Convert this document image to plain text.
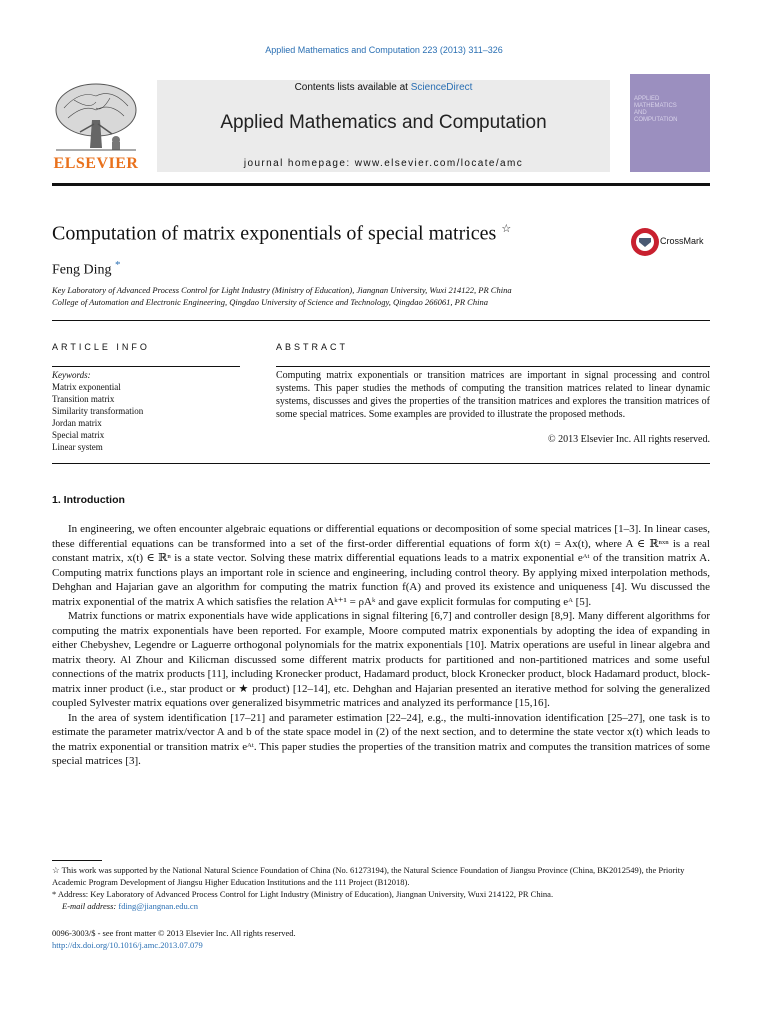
Applied Mathematics and Computation 223 (2013) 311–326
ELSEVIER
Contents lists available at ScienceDirect
Applied Mathematics and Computation
journal homepage: www.elsevier.com/locate/amc
APPLIED
MATHEMATICS
AND
COMPUTATION
Computation of matrix exponentials of special matrices ☆
CrossMark
Feng Ding *
Key Laboratory of Advanced Process Control for Light Industry (Ministry of Education), Jiangnan University, Wuxi 214122, PR China
College of Automation and Electronic Engineering, Qingdao University of Science and Technology, Qingdao 266061, PR China
ARTICLE INFO	ABSTRACT
Keywords:
Matrix exponential
Transition matrix
Similarity transformation
Jordan matrix
Special matrix
Linear system
Computing matrix exponentials or transition matrices are important in signal processing and control systems. This paper studies the methods of computing the transition matrices related to linear dynamic systems, discusses and gives the properties of the transition matrices and explores the transition matrices of some special matrices. Some examples are provided to illustrate the proposed methods.
© 2013 Elsevier Inc. All rights reserved.
1. Introduction

In engineering, we often encounter algebraic equations or differential equations or decomposition of some special matrices [1–3]. In linear cases, these differential equations can be transformed into a set of the first-order differential equations of form ẋ(t) = Ax(t), where A ∈ ℝⁿˣⁿ is a real constant matrix, x(t) ∈ ℝⁿ is a state vector. Solving these matrix differential equations leads to a matrix exponential eᴬᵗ of the transition matrix A. Computing matrix functions plays an important role in science and engineering, including control theory. By applying mixed interpolation methods, Dehghan and Hajarian gave an algorithm for computing the matrix function f(A) and proved its existence and uniqueness [4]. Wu discussed the matrix exponential of the matrix A which satisfies the relation Aᵏ⁺¹ = ρAᵏ and gave explicit formulas for computing eᴬ [5].

Matrix functions or matrix exponentials have wide applications in signal filtering [6,7] and controller design [8,9]. Many different algorithms for computing the matrix exponentials have been reported. For example, Moore computed matrix exponentials by adopting the idea of expanding in either Chebyshev, Legendre or Laguerre orthogonal polynomials for the matrix exponentials [10]. Matrix operations are useful in linear algebra and matrix theory. Al Zhour and Kilicman discussed some different matrix products for partitioned and non-partitioned matrices and some useful connections of the matrix products [11], including Kronecker product, Hadamard product, block Kronecker product, block Hadamard product, block-matrix inner product (i.e., star product or ★ product) [12–14], etc. Dehghan and Hajarian presented an iterative method for solving the generalized coupled Sylvester matrix equations over generalized bisymmetric matrices and analyzed its performance [15,16].

In the area of system identification [17–21] and parameter estimation [22–24], e.g., the multi-innovation identification [25–27], one task is to estimate the parameter matrix/vector A and b of the state space model in (2) of the next section, and to determine the state vector x(t) which leads to the matrix exponential or transition matrix eᴬᵗ. This paper studies the properties of the transition matrix and computes the transition matrices of some special matrices [3].

☆ This work was supported by the National Natural Science Foundation of China (No. 61273194), the Natural Science Foundation of Jiangsu Province (China, BK2012549), the Priority Academic Program Development of Jiangsu Higher Education Institutions and the 111 Project (B12018).

* Address: Key Laboratory of Advanced Process Control for Light Industry (Ministry of Education), Jiangnan University, Wuxi 214122, PR China.

E-mail address: fding@jiangnan.edu.cn

0096-3003/$ - see front matter © 2013 Elsevier Inc. All rights reserved.
http://dx.doi.org/10.1016/j.amc.2013.07.079
